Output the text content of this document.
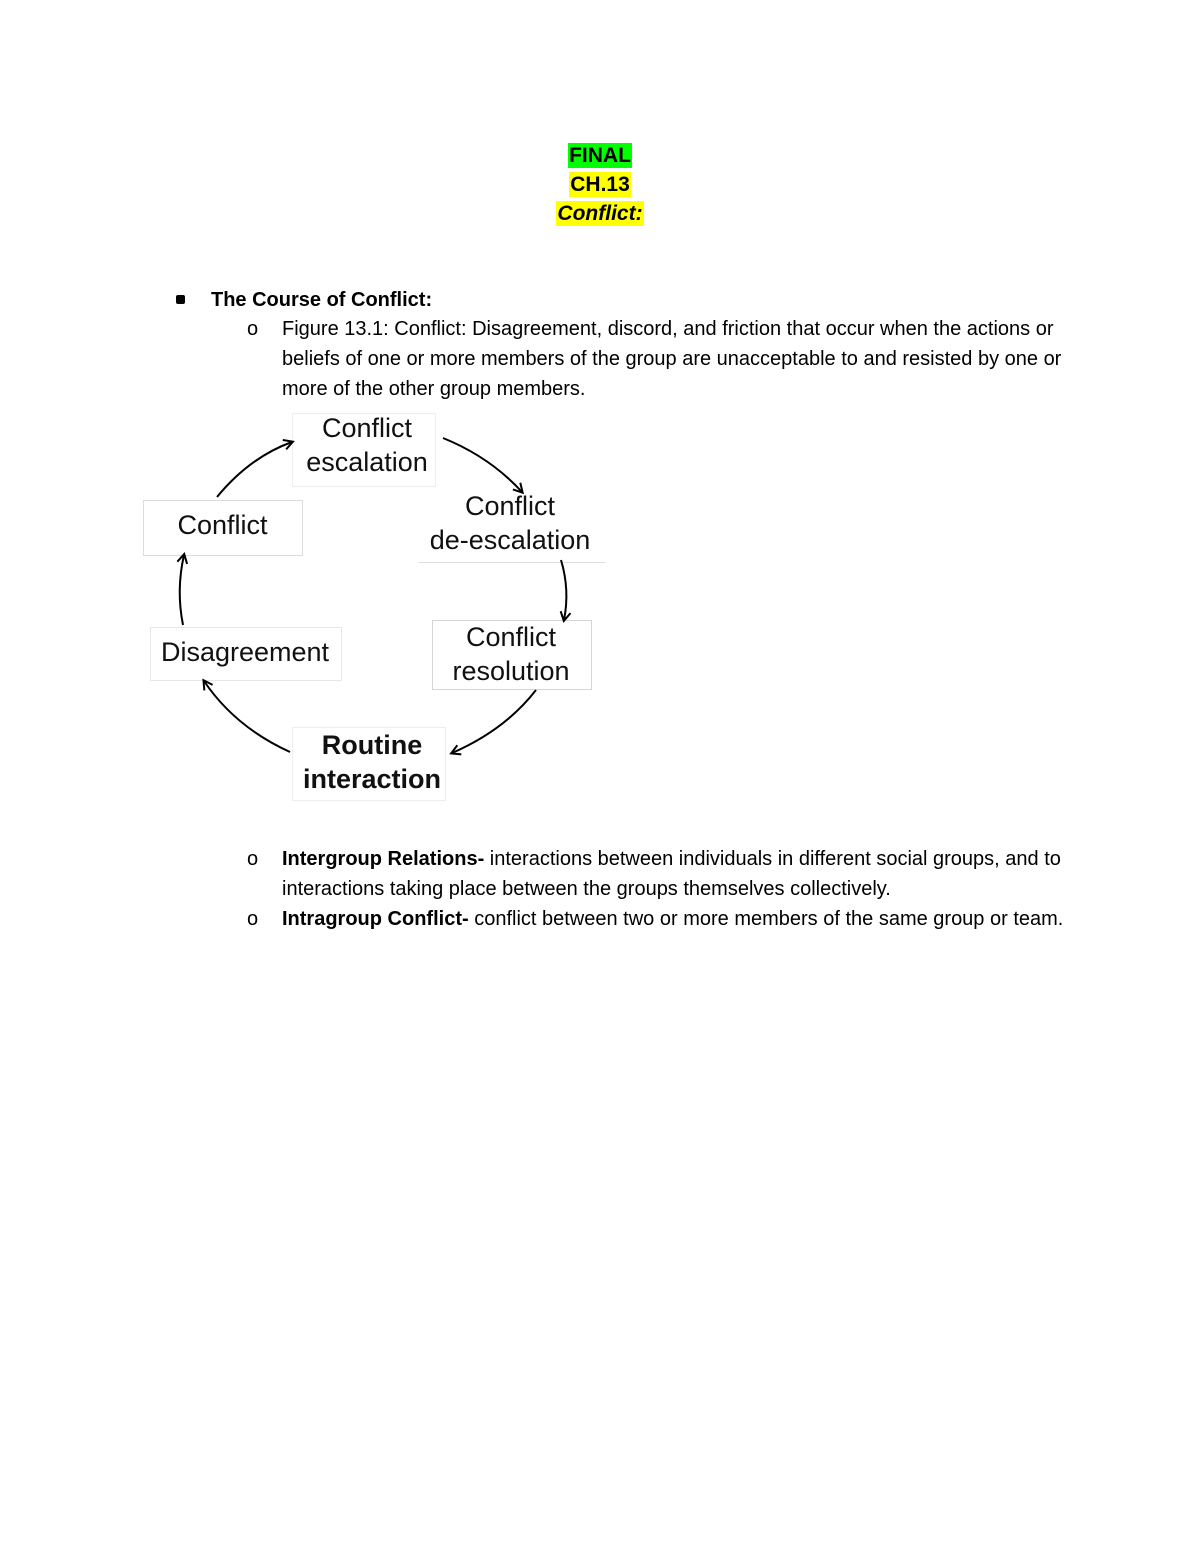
FINAL
CH.13
Conflict:
The Course of Conflict:
o Figure 13.1: Conflict: Disagreement, discord, and friction that occur when the actions or beliefs of one or more members of the group are unacceptable to and resisted by one or more of the other group members.
Conflict
escalation
Conflict
de-escalation
Conflict
resolution
Routine
interaction
Disagreement
Conflict
o Intergroup Relations- interactions between individuals in different social groups, and to interactions taking place between the groups themselves collectively.
o Intragroup Conflict- conflict between two or more members of the same group or team.
